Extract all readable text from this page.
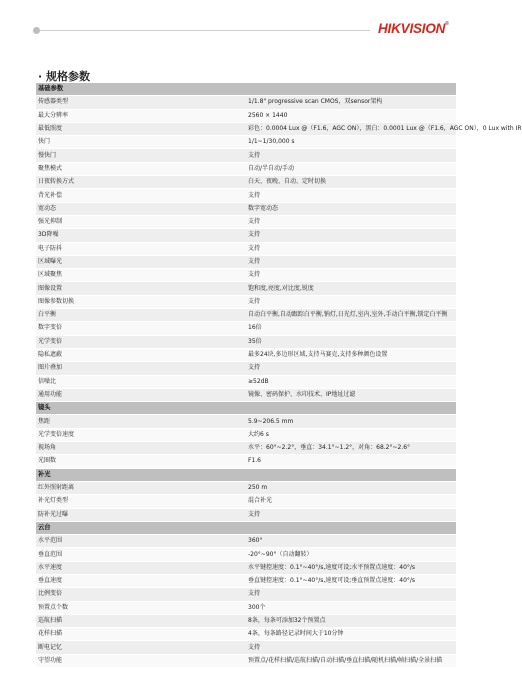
HIKVISION®
· 规格参数
基础参数	
传感器类型	1/1.8" progressive scan CMOS，双sensor架构
最大分辨率	2560 × 1440
最低照度	彩色：0.0004 Lux @（F1.6，AGC ON），黑白：0.0001 Lux @（F1.6，AGC ON），0 Lux with IR
快门	1/1~1/30,000 s
慢快门	支持
聚焦模式	自动/半自动/手动
日夜转换方式	白天、夜晚、自动、定时切换
背光补偿	支持
宽动态	数字宽动态
强光抑制	支持
3D降噪	支持
电子防抖	支持
区域曝光	支持
区域聚焦	支持
图像设置	饱和度,亮度,对比度,锐度
图像参数切换	支持
白平衡	自动白平衡,自动跟踪白平衡,钠灯,日光灯,室内,室外,手动白平衡,锁定白平衡
数字变倍	16倍
光学变倍	35倍
隐私遮蔽	最多24块,多边形区域,支持马赛克,支持多种颜色设置
图片叠加	支持
信噪比	≥52dB
通用功能	镜像、密码保护、水印技术、IP地址过滤
镜头	
焦距	5.9~206.5 mm
光学变倍速度	大约6 s
视场角	水平：60°~2.2°，垂直：34.1°~1.2°，对角：68.2°~2.6°
光圈数	F1.6
补光	
红外照射距离	250 m
补光灯类型	混合补光
防补光过曝	支持
云台	
水平范围	360°
垂直范围	-20°~90°（自动翻转）
水平速度	水平键控速度：0.1°~40°/s,速度可设;水平预置点速度：40°/s
垂直速度	垂直键控速度：0.1°~40°/s,速度可设;垂直预置点速度：40°/s
比例变倍	支持
预置点个数	300个
巡航扫描	8条，每条可添加32个预置点
花样扫描	4条，每条路径记录时间大于10分钟
断电记忆	支持
守望功能	预置点/花样扫描/巡航扫描/自动扫描/垂直扫描/随机扫描/帧扫描/全景扫描
